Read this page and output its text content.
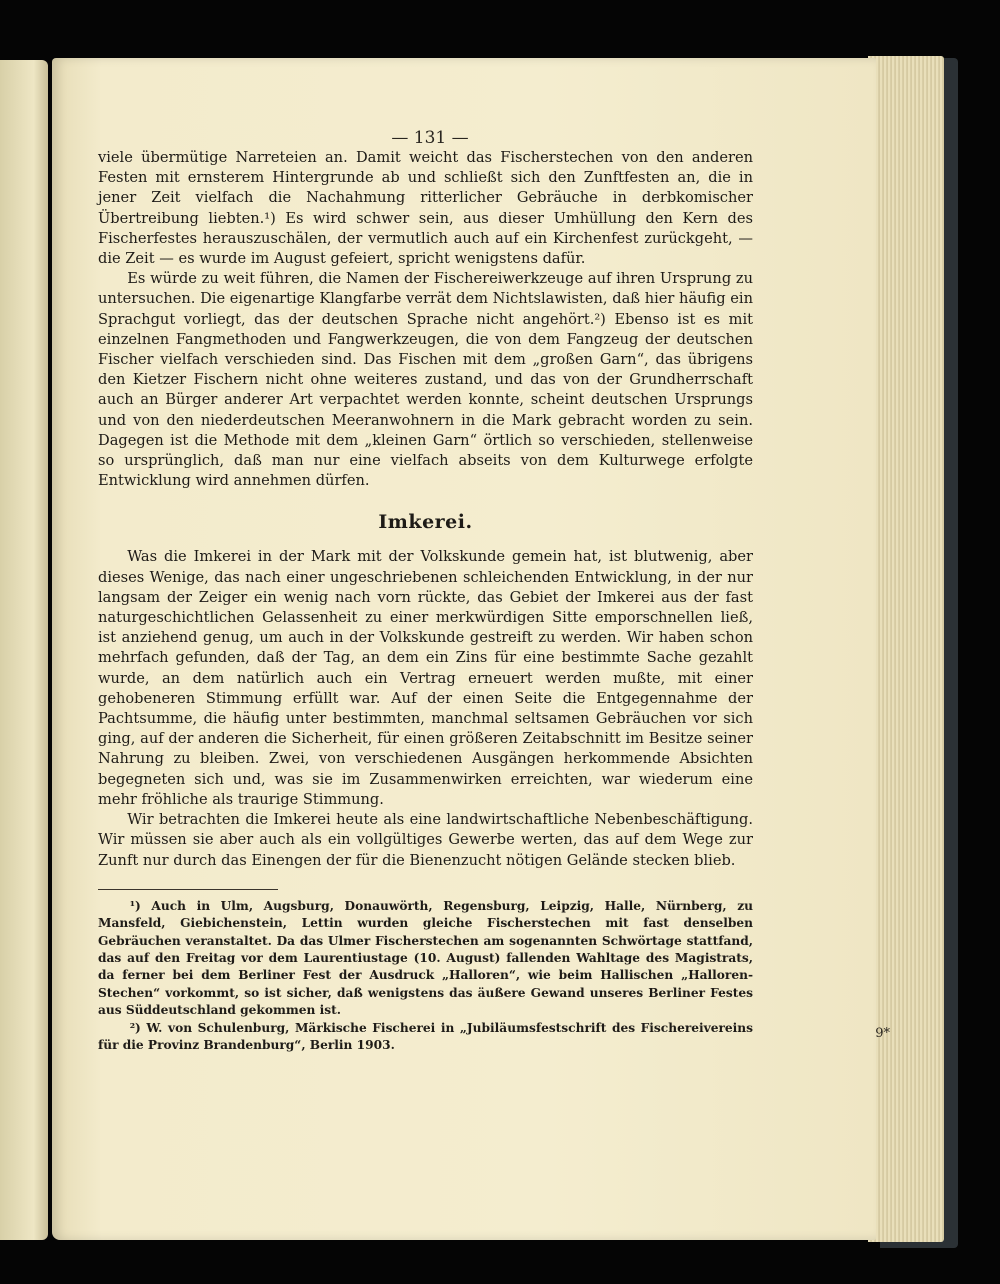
— 131 —

viele übermütige Narreteien an. Damit weicht das Fischerstechen von den anderen Festen mit ernsterem Hintergrunde ab und schließt sich den Zunftfesten an, die in jener Zeit vielfach die Nachahmung ritterlicher Gebräuche in derbkomischer Übertreibung liebten.¹) Es wird schwer sein, aus dieser Umhüllung den Kern des Fischerfestes herauszuschälen, der vermutlich auch auf ein Kirchenfest zurückgeht, — die Zeit — es wurde im August gefeiert, spricht wenigstens dafür.

Es würde zu weit führen, die Namen der Fischereiwerkzeuge auf ihren Ursprung zu untersuchen. Die eigenartige Klangfarbe verrät dem Nichtslawisten, daß hier häufig ein Sprachgut vorliegt, das der deutschen Sprache nicht angehört.²) Ebenso ist es mit einzelnen Fangmethoden und Fangwerkzeugen, die von dem Fangzeug der deutschen Fischer vielfach verschieden sind. Das Fischen mit dem „großen Garn“, das übrigens den Kietzer Fischern nicht ohne weiteres zustand, und das von der Grundherrschaft auch an Bürger anderer Art verpachtet werden konnte, scheint deutschen Ursprungs und von den niederdeutschen Meeranwohnern in die Mark gebracht worden zu sein. Dagegen ist die Methode mit dem „kleinen Garn“ örtlich so verschieden, stellenweise so ursprünglich, daß man nur eine vielfach abseits von dem Kulturwege erfolgte Entwicklung wird annehmen dürfen.

Imkerei.

Was die Imkerei in der Mark mit der Volkskunde gemein hat, ist blutwenig, aber dieses Wenige, das nach einer ungeschriebenen schleichenden Entwicklung, in der nur langsam der Zeiger ein wenig nach vorn rückte, das Gebiet der Imkerei aus der fast naturgeschichtlichen Gelassenheit zu einer merkwürdigen Sitte emporschnellen ließ, ist anziehend genug, um auch in der Volkskunde gestreift zu werden. Wir haben schon mehrfach gefunden, daß der Tag, an dem ein Zins für eine bestimmte Sache gezahlt wurde, an dem natürlich auch ein Vertrag erneuert werden mußte, mit einer gehobeneren Stimmung erfüllt war. Auf der einen Seite die Entgegennahme der Pachtsumme, die häufig unter bestimmten, manchmal seltsamen Gebräuchen vor sich ging, auf der anderen die Sicherheit, für einen größeren Zeitabschnitt im Besitze seiner Nahrung zu bleiben. Zwei, von verschiedenen Ausgängen herkommende Absichten begegneten sich und, was sie im Zusammenwirken erreichten, war wiederum eine mehr fröhliche als traurige Stimmung.

Wir betrachten die Imkerei heute als eine landwirtschaftliche Nebenbeschäftigung. Wir müssen sie aber auch als ein vollgültiges Gewerbe werten, das auf dem Wege zur Zunft nur durch das Einengen der für die Bienenzucht nötigen Gelände stecken blieb.

¹) Auch in Ulm, Augsburg, Donauwörth, Regensburg, Leipzig, Halle, Nürnberg, zu Mansfeld, Giebichenstein, Lettin wurden gleiche Fischerstechen mit fast denselben Gebräuchen veranstaltet. Da das Ulmer Fischerstechen am sogenannten Schwörtage stattfand, das auf den Freitag vor dem Laurentiustage (10. August) fallenden Wahltage des Magistrats, da ferner bei dem Berliner Fest der Ausdruck „Halloren“, wie beim Hallischen „Halloren-Stechen“ vorkommt, so ist sicher, daß wenigstens das äußere Gewand unseres Berliner Festes aus Süddeutschland gekommen ist.

²) W. von Schulenburg, Märkische Fischerei in „Jubiläumsfestschrift des Fischereivereins für die Provinz Brandenburg“, Berlin 1903.

9*
